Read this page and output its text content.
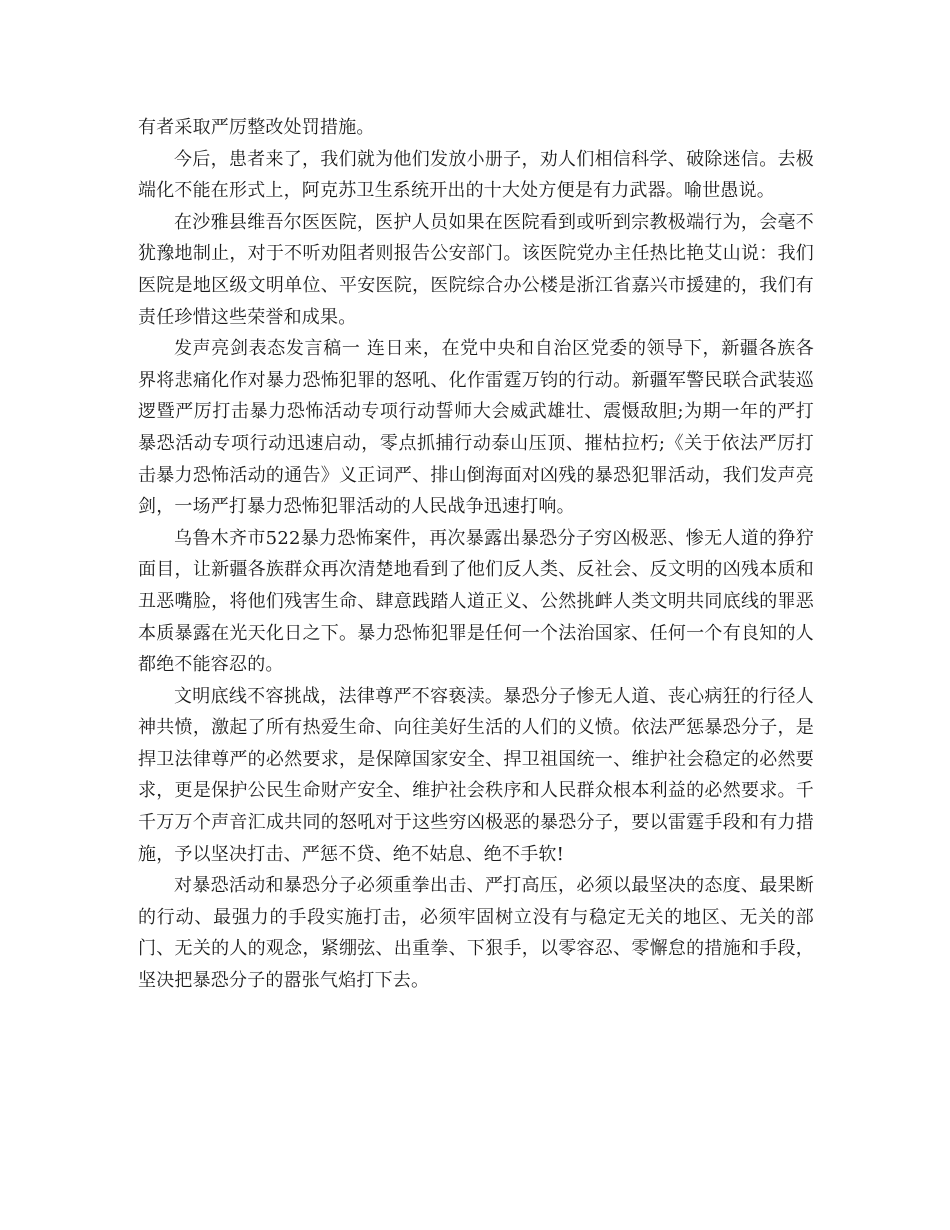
有者采取严厉整改处罚措施。

今后，患者来了，我们就为他们发放小册子，劝人们相信科学、破除迷信。去极端化不能在形式上，阿克苏卫生系统开出的十大处方便是有力武器。喻世愚说。

在沙雅县维吾尔医医院，医护人员如果在医院看到或听到宗教极端行为，会毫不犹豫地制止，对于不听劝阻者则报告公安部门。该医院党办主任热比艳艾山说：我们医院是地区级文明单位、平安医院，医院综合办公楼是浙江省嘉兴市援建的，我们有责任珍惜这些荣誉和成果。

发声亮剑表态发言稿一 连日来，在党中央和自治区党委的领导下，新疆各族各界将悲痛化作对暴力恐怖犯罪的怒吼、化作雷霆万钧的行动。新疆军警民联合武装巡逻暨严厉打击暴力恐怖活动专项行动誓师大会威武雄壮、震慑敌胆;为期一年的严打暴恐活动专项行动迅速启动，零点抓捕行动泰山压顶、摧枯拉朽;《关于依法严厉打击暴力恐怖活动的通告》义正词严、排山倒海面对凶残的暴恐犯罪活动，我们发声亮剑，一场严打暴力恐怖犯罪活动的人民战争迅速打响。

乌鲁木齐市522暴力恐怖案件，再次暴露出暴恐分子穷凶极恶、惨无人道的狰狞面目，让新疆各族群众再次清楚地看到了他们反人类、反社会、反文明的凶残本质和丑恶嘴脸，将他们残害生命、肆意践踏人道正义、公然挑衅人类文明共同底线的罪恶本质暴露在光天化日之下。暴力恐怖犯罪是任何一个法治国家、任何一个有良知的人都绝不能容忍的。

文明底线不容挑战，法律尊严不容亵渎。暴恐分子惨无人道、丧心病狂的行径人神共愤，激起了所有热爱生命、向往美好生活的人们的义愤。依法严惩暴恐分子，是捍卫法律尊严的必然要求，是保障国家安全、捍卫祖国统一、维护社会稳定的必然要求，更是保护公民生命财产安全、维护社会秩序和人民群众根本利益的必然要求。千千万万个声音汇成共同的怒吼对于这些穷凶极恶的暴恐分子，要以雷霆手段和有力措施，予以坚决打击、严惩不贷、绝不姑息、绝不手软!

对暴恐活动和暴恐分子必须重拳出击、严打高压，必须以最坚决的态度、最果断的行动、最强力的手段实施打击，必须牢固树立没有与稳定无关的地区、无关的部门、无关的人的观念，紧绷弦、出重拳、下狠手，以零容忍、零懈怠的措施和手段，坚决把暴恐分子的嚣张气焰打下去。
